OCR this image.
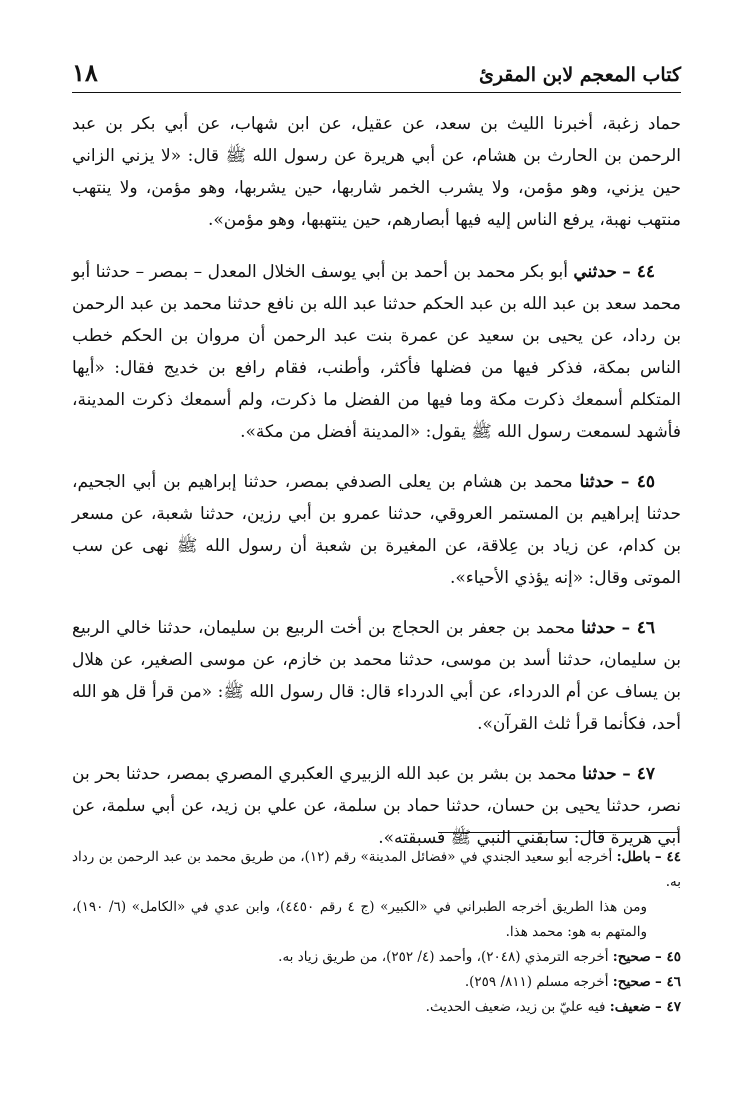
كتاب المعجم لابن المقرئ
١٨

حماد زغبة، أخبرنا الليث بن سعد، عن عقيل، عن ابن شهاب، عن أبي بكر بن عبد الرحمن بن الحارث بن هشام، عن أبي هريرة عن رسول الله ﷺ قال: «لا يزني الزاني حين يزني، وهو مؤمن، ولا يشرب الخمر شاربها، حين يشربها، وهو مؤمن، ولا ينتهب منتهب نهبة، يرفع الناس إليه فيها أبصارهم، حين ينتهبها، وهو مؤمن».

٤٤ – حدثني أبو بكر محمد بن أحمد بن أبي يوسف الخلال المعدل – بمصر – حدثنا أبو محمد سعد بن عبد الله بن عبد الحكم حدثنا عبد الله بن نافع حدثنا محمد بن عبد الرحمن بن رداد، عن يحيى بن سعيد عن عمرة بنت عبد الرحمن أن مروان بن الحكم خطب الناس بمكة، فذكر فيها من فضلها فأكثر، وأطنب، فقام رافع بن خديج فقال: «أيها المتكلم أسمعك ذكرت مكة وما فيها من الفضل ما ذكرت، ولم أسمعك ذكرت المدينة، فأشهد لسمعت رسول الله ﷺ يقول: «المدينة أفضل من مكة».

٤٥ – حدثنا محمد بن هشام بن يعلى الصدفي بمصر، حدثنا إبراهيم بن أبي الجحيم، حدثنا إبراهيم بن المستمر العروقي، حدثنا عمرو بن أبي رزين، حدثنا شعبة، عن مسعر بن كدام، عن زياد بن عِلاقة، عن المغيرة بن شعبة أن رسول الله ﷺ نهى عن سب الموتى وقال: «إنه يؤذي الأحياء».

٤٦ – حدثنا محمد بن جعفر بن الحجاج بن أخت الربيع بن سليمان، حدثنا خالي الربيع بن سليمان، حدثنا أسد بن موسى، حدثنا محمد بن خازم، عن موسى الصغير، عن هلال بن يساف عن أم الدرداء، عن أبي الدرداء قال: قال رسول الله ﷺ: «من قرأ قل هو الله أحد، فكأنما قرأ ثلث القرآن».

٤٧ – حدثنا محمد بن بشر بن عبد الله الزبيري العكبري المصري بمصر، حدثنا بحر بن نصر، حدثنا يحيى بن حسان، حدثنا حماد بن سلمة، عن علي بن زيد، عن أبي سلمة، عن أبي هريرة قال: سابقني النبي ﷺ فسبقته».

٤٤ – باطل: أخرجه أبو سعيد الجندي في «فضائل المدينة» رقم (١٢)، من طريق محمد بن عبد الرحمن بن رداد به.

ومن هذا الطريق أخرجه الطبراني في «الكبير» (ج ٤ رقم ٤٤٥٠)، وابن عدي في «الكامل» (٦/ ١٩٠)، والمتهم به هو: محمد هذا.

٤٥ – صحيح: أخرجه الترمذي (٢٠٤٨)، وأحمد (٤/ ٢٥٢)، من طريق زياد به.

٤٦ – صحيح: أخرجه مسلم (٨١١/ ٢٥٩).

٤٧ – ضعيف: فيه عليّ بن زيد، ضعيف الحديث.
